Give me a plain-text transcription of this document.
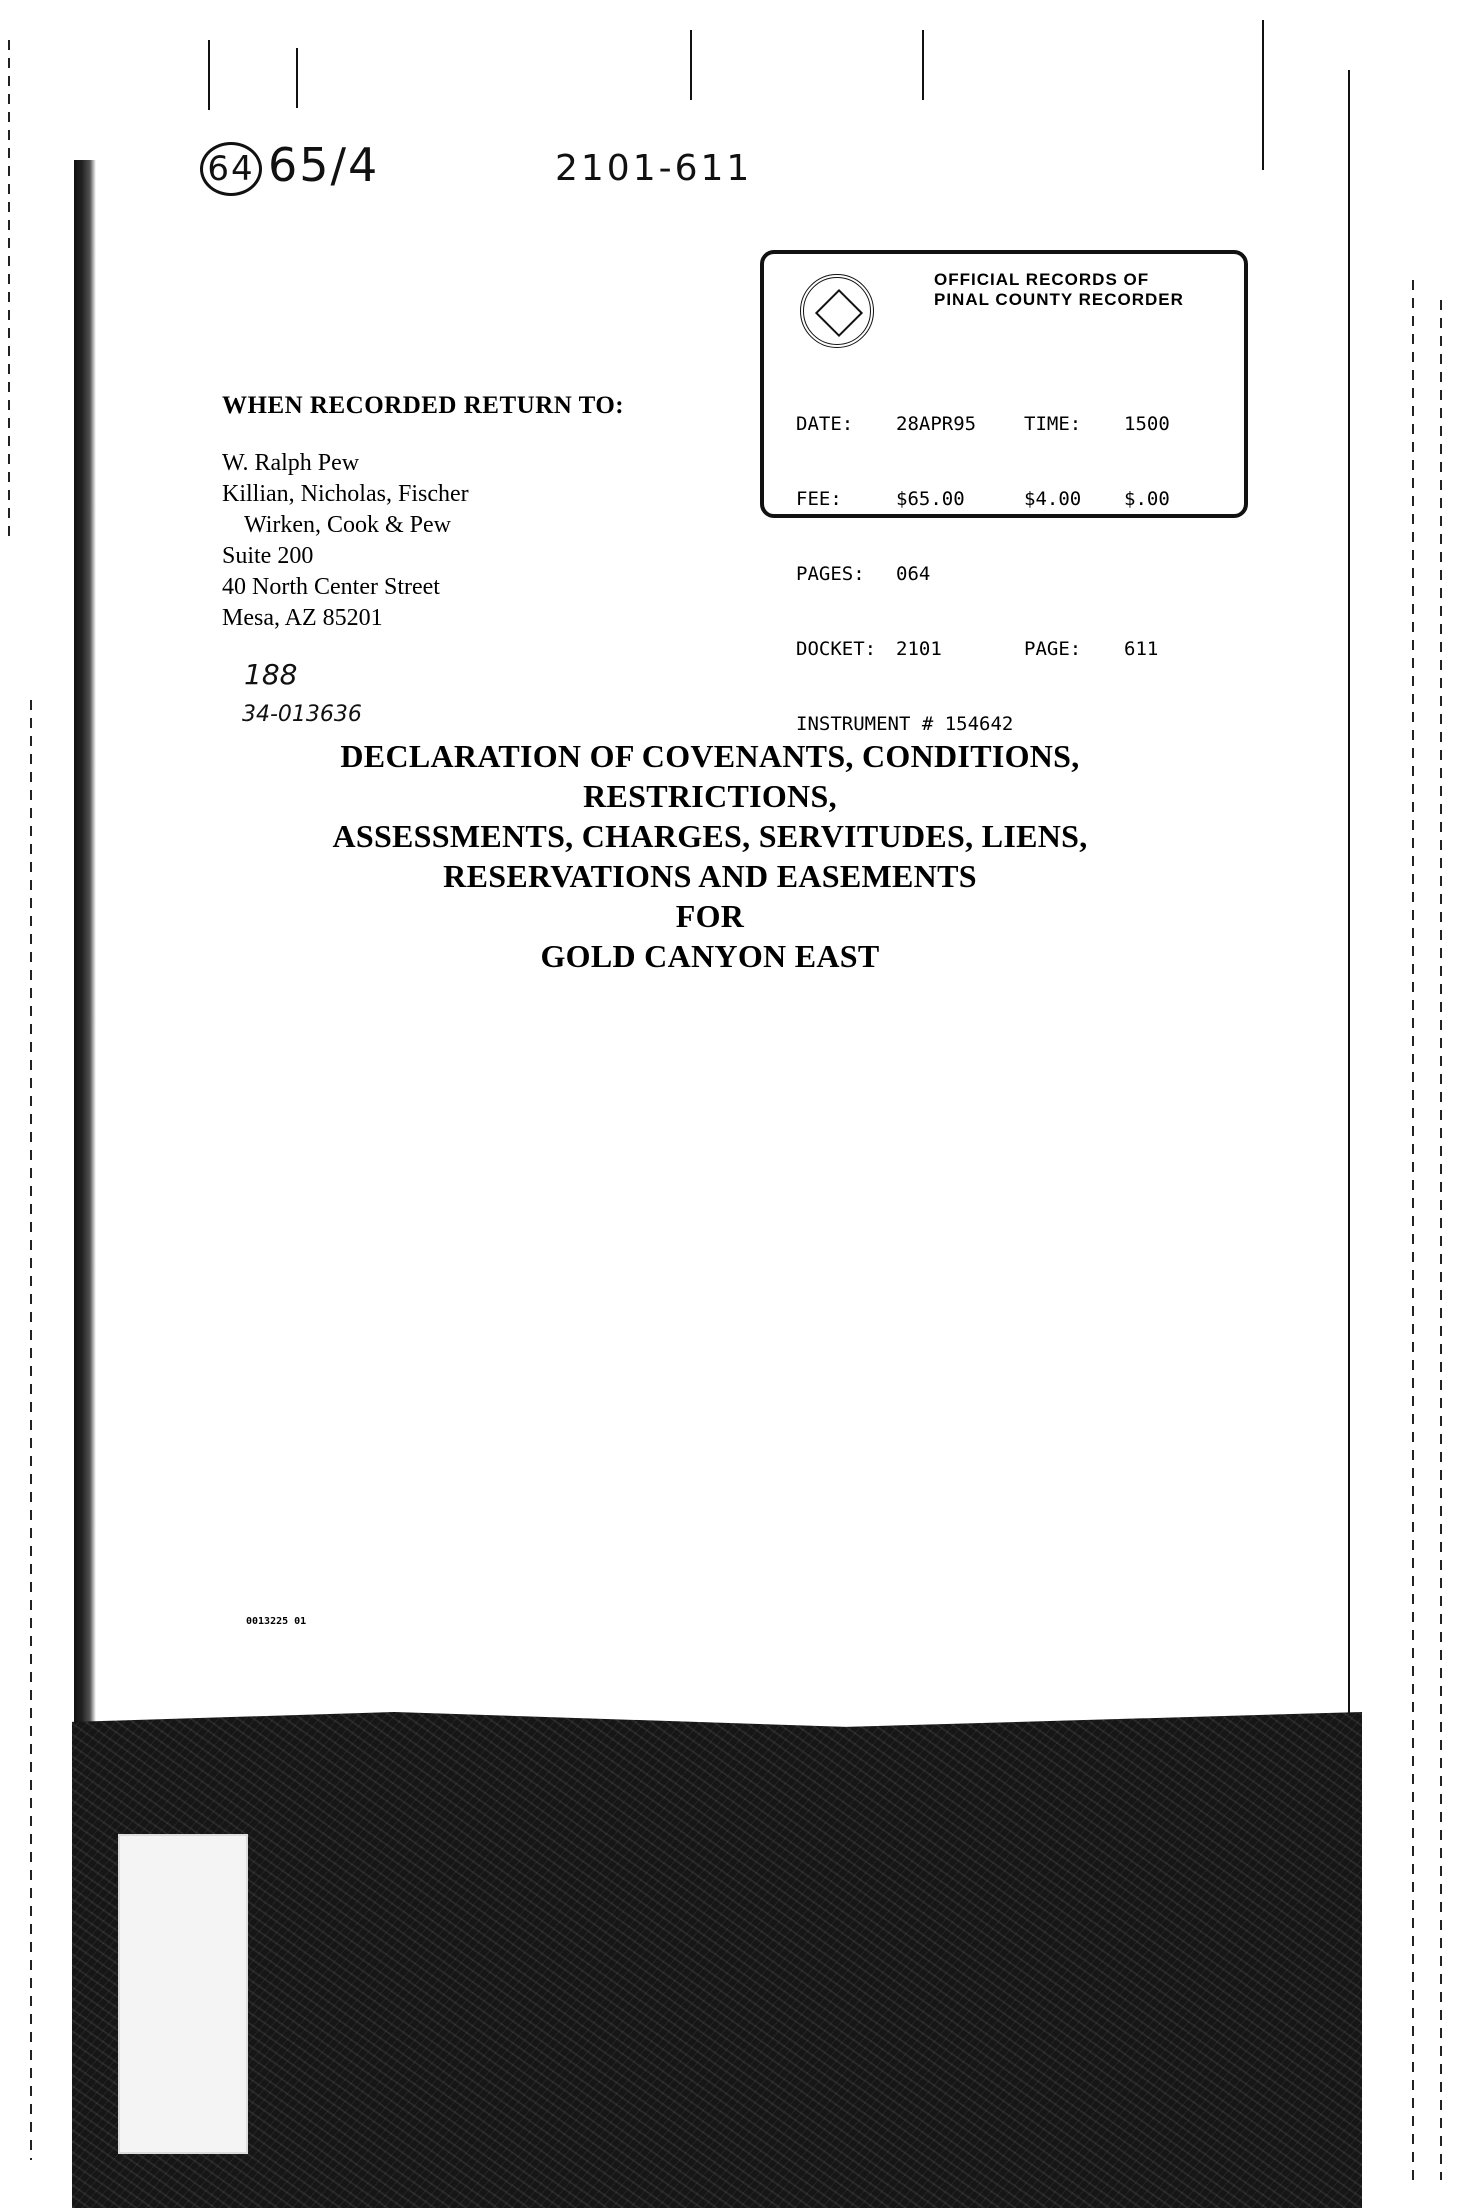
64 65/4	2101-611
OFFICIAL RECORDS OF
PINAL COUNTY RECORDER

DATE: 28APR95	TIME: 1500

FEE:	$65.00	$4.00 $.00

PAGES: 064

DOCKET: 2101	PAGE: 611

INSTRUMENT # 154642

WHEN RECORDED RETURN TO:
W. Ralph Pew
Killian, Nicholas, Fischer
Wirken, Cook & Pew
Suite 200
40 North Center Street
Mesa, AZ 85201
188
34-013636
DECLARATION OF COVENANTS, CONDITIONS,
RESTRICTIONS,
ASSESSMENTS, CHARGES, SERVITUDES, LIENS,
RESERVATIONS AND EASEMENTS
FOR
GOLD CANYON EAST
0013225 01
